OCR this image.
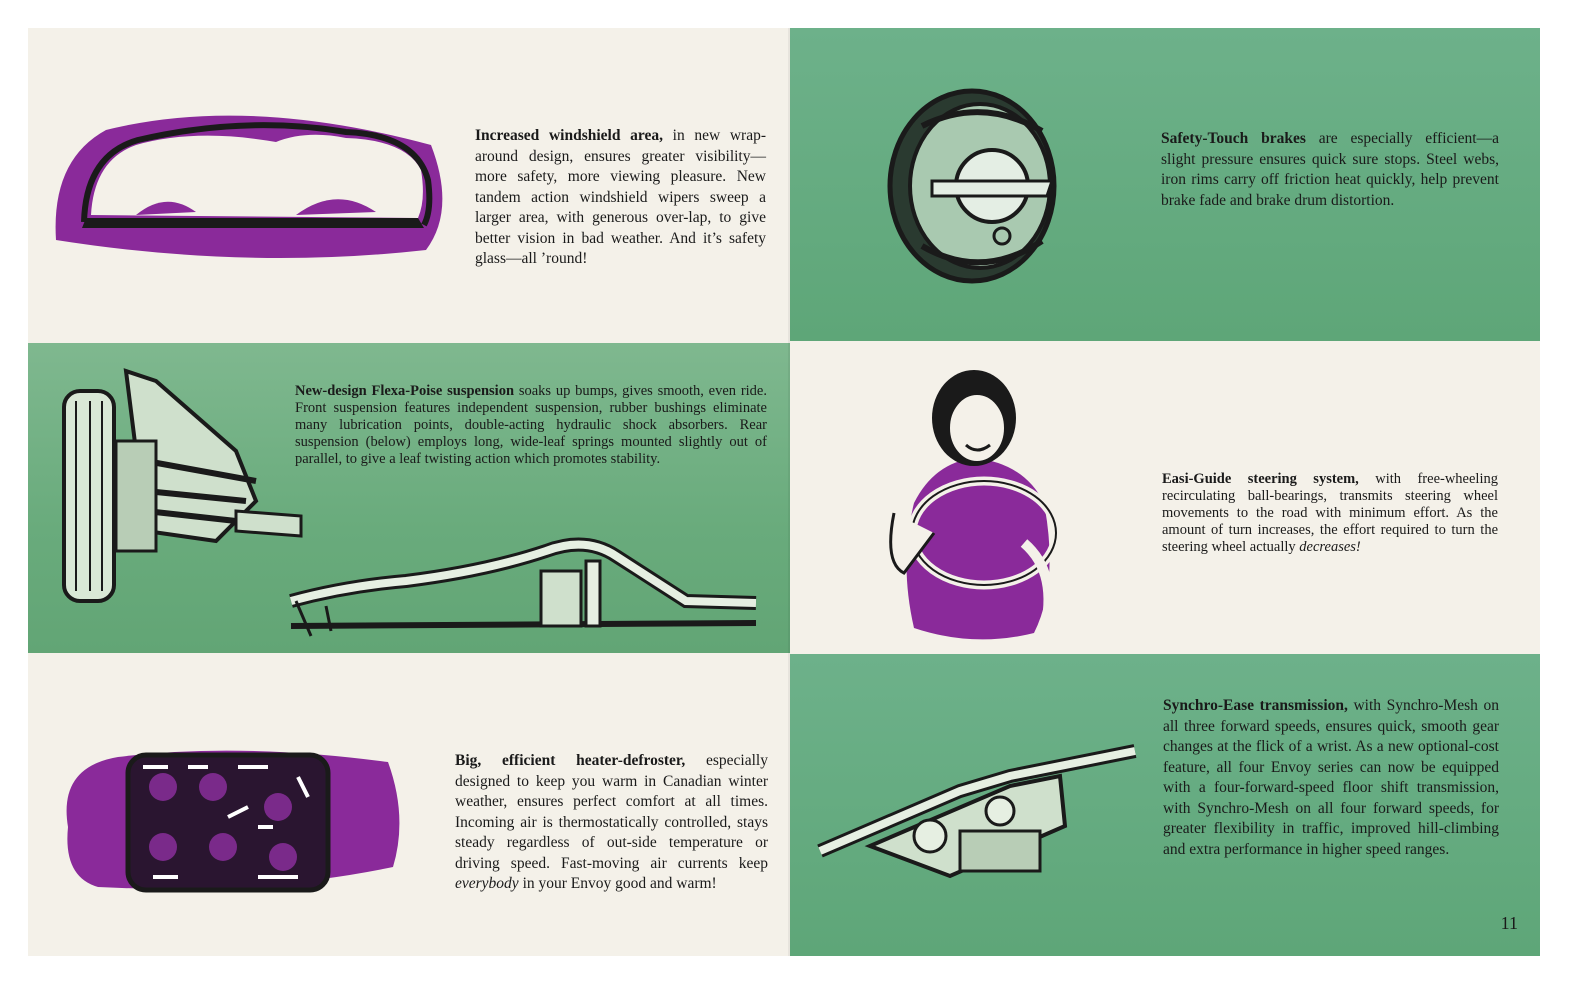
Increased windshield area, in new wrap-around design, ensures greater visibility—more safety, more viewing pleasure. New tandem action windshield wipers sweep a larger area, with generous over-lap, to give better vision in bad weather. And it’s safety glass—all ’round!
New-design Flexa-Poise suspension soaks up bumps, gives smooth, even ride. Front suspension features independent suspension, rubber bushings eliminate many lubrication points, double-acting hydraulic shock absorbers. Rear suspension (below) employs long, wide-leaf springs mounted slightly out of parallel, to give a leaf twisting action which promotes stability.
Big, efficient heater-defroster, especially designed to keep you warm in Canadian winter weather, ensures perfect comfort at all times. Incoming air is thermostatically controlled, stays steady regardless of out-side temperature or driving speed. Fast-moving air currents keep everybody in your Envoy good and warm!
Safety-Touch brakes are especially efficient—a slight pressure ensures quick sure stops. Steel webs, iron rims carry off friction heat quickly, help prevent brake fade and brake drum distortion.
Easi-Guide steering system, with free-wheeling recirculating ball-bearings, transmits steering wheel movements to the road with minimum effort. As the amount of turn increases, the effort required to turn the steering wheel actually decreases!
Synchro-Ease transmission, with Synchro-Mesh on all three forward speeds, ensures quick, smooth gear changes at the flick of a wrist. As a new optional-cost feature, all four Envoy series can now be equipped with a four-forward-speed floor shift transmission, with Synchro-Mesh on all four forward speeds, for greater flexibility in traffic, improved hill-climbing and extra performance in higher speed ranges.
11
